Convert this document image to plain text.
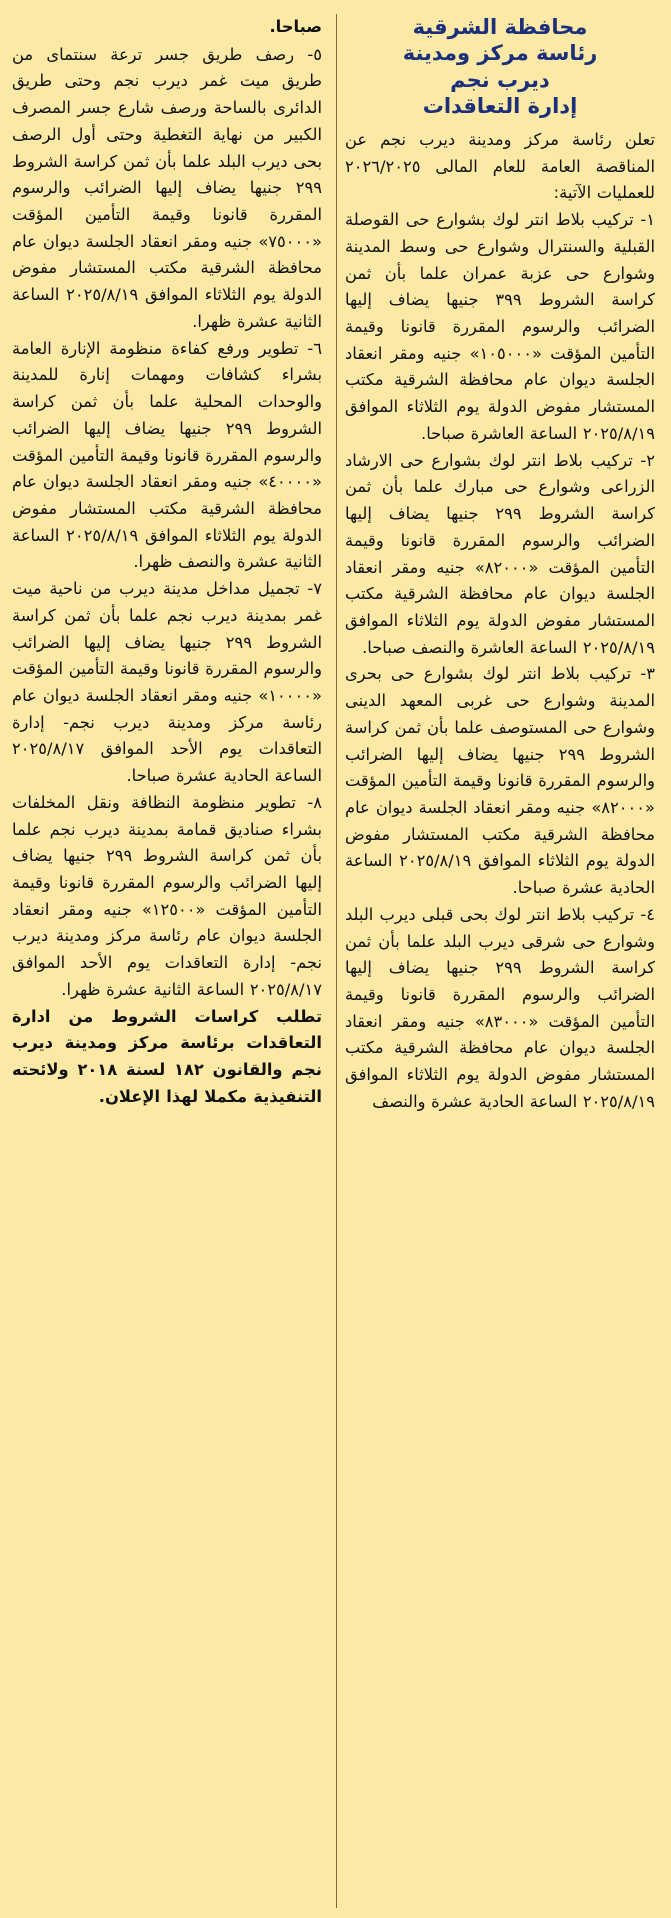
محافظة الشرقية
رئاسة مركز ومدينة
ديرب نجم
إدارة التعاقدات

تعلن رئاسة مركز ومدينة ديرب نجم عن المناقصة العامة للعام المالى ٢٠٢٦/٢٠٢٥ للعمليات الآتية:

١- تركيب بلاط انتر لوك بشوارع حى القوصلة القبلية والسنترال وشوارع حى وسط المدينة وشوارع حى عزبة عمران علما بأن ثمن كراسة الشروط ٣٩٩ جنيها يضاف إليها الضرائب والرسوم المقررة قانونا وقيمة التأمين المؤقت «١٠٥٠٠٠» جنيه ومقر انعقاد الجلسة ديوان عام محافظة الشرقية مكتب المستشار مفوض الدولة يوم الثلاثاء الموافق ٢٠٢٥/٨/١٩ الساعة العاشرة صباحا.

٢- تركيب بلاط انتر لوك بشوارع حى الارشاد الزراعى وشوارع حى مبارك علما بأن ثمن كراسة الشروط ٢٩٩ جنيها يضاف إليها الضرائب والرسوم المقررة قانونا وقيمة التأمين المؤقت «٨٢٠٠٠» جنيه ومقر انعقاد الجلسة ديوان عام محافظة الشرقية مكتب المستشار مفوض الدولة يوم الثلاثاء الموافق ٢٠٢٥/٨/١٩ الساعة العاشرة والنصف صباحا.

٣- تركيب بلاط انتر لوك بشوارع حى بحرى المدينة وشوارع حى غربى المعهد الدينى وشوارع حى المستوصف علما بأن ثمن كراسة الشروط ٢٩٩ جنيها يضاف إليها الضرائب والرسوم المقررة قانونا وقيمة التأمين المؤقت «٨٢٠٠٠» جنيه ومقر انعقاد الجلسة ديوان عام محافظة الشرقية مكتب المستشار مفوض الدولة يوم الثلاثاء الموافق ٢٠٢٥/٨/١٩ الساعة الحادية عشرة صباحا.

٤- تركيب بلاط انتر لوك بحى قبلى ديرب البلد وشوارع حى شرقى ديرب البلد علما بأن ثمن كراسة الشروط ٢٩٩ جنيها يضاف إليها الضرائب والرسوم المقررة قانونا وقيمة التأمين المؤقت «٨٣٠٠٠» جنيه ومقر انعقاد الجلسة ديوان عام محافظة الشرقية مكتب المستشار مفوض الدولة يوم الثلاثاء الموافق ٢٠٢٥/٨/١٩ الساعة الحادية عشرة والنصف

صباحا.

٥- رصف طريق جسر ترعة سنتماى من طريق ميت غمر ديرب نجم وحتى طريق الدائرى بالساحة ورصف شارع جسر المصرف الكبير من نهاية التغطية وحتى أول الرصف بحى ديرب البلد علما بأن ثمن كراسة الشروط ٢٩٩ جنيها يضاف إليها الضرائب والرسوم المقررة قانونا وقيمة التأمين المؤقت «٧٥٠٠٠» جنيه ومقر انعقاد الجلسة ديوان عام محافظة الشرقية مكتب المستشار مفوض الدولة يوم الثلاثاء الموافق ٢٠٢٥/٨/١٩ الساعة الثانية عشرة ظهرا.

٦- تطوير ورفع كفاءة منظومة الإنارة العامة بشراء كشافات ومهمات إنارة للمدينة والوحدات المحلية علما بأن ثمن كراسة الشروط ٢٩٩ جنيها يضاف إليها الضرائب والرسوم المقررة قانونا وقيمة التأمين المؤقت «٤٠٠٠٠» جنيه ومقر انعقاد الجلسة ديوان عام محافظة الشرقية مكتب المستشار مفوض الدولة يوم الثلاثاء الموافق ٢٠٢٥/٨/١٩ الساعة الثانية عشرة والنصف ظهرا.

٧- تجميل مداخل مدينة ديرب من ناحية ميت غمر بمدينة ديرب نجم علما بأن ثمن كراسة الشروط ٢٩٩ جنيها يضاف إليها الضرائب والرسوم المقررة قانونا وقيمة التأمين المؤقت «١٠٠٠٠» جنيه ومقر انعقاد الجلسة ديوان عام رئاسة مركز ومدينة ديرب نجم- إدارة التعاقدات يوم الأحد الموافق ٢٠٢٥/٨/١٧ الساعة الحادية عشرة صباحا.

٨- تطوير منظومة النظافة ونقل المخلفات بشراء صناديق قمامة بمدينة ديرب نجم علما بأن ثمن كراسة الشروط ٢٩٩ جنيها يضاف إليها الضرائب والرسوم المقررة قانونا وقيمة التأمين المؤقت «١٢٥٠٠» جنيه ومقر انعقاد الجلسة ديوان عام رئاسة مركز ومدينة ديرب نجم- إدارة التعاقدات يوم الأحد الموافق ٢٠٢٥/٨/١٧ الساعة الثانية عشرة ظهرا.

تطلب كراسات الشروط من ادارة التعاقدات برئاسة مركز ومدينة ديرب نجم والقانون ١٨٢ لسنة ٢٠١٨ ولائحته التنفيذية مكملا لهذا الإعلان.
